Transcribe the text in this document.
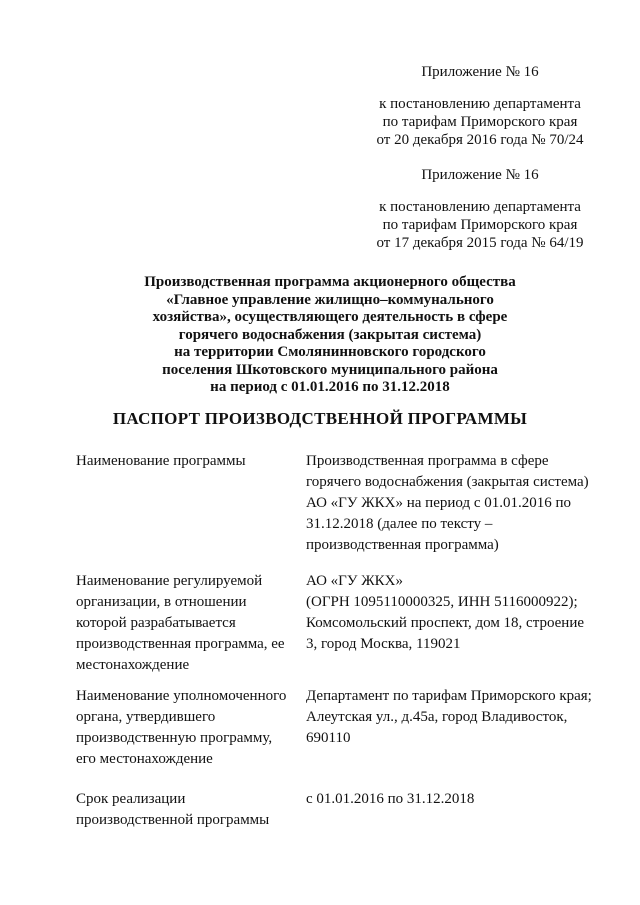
Приложение № 16
к постановлению департамента
по тарифам Приморского края
от 20 декабря 2016 года № 70/24
Приложение № 16
к постановлению департамента
по тарифам Приморского края
от 17 декабря 2015 года № 64/19
Производственная программа акционерного общества
«Главное управление жилищно–коммунального
хозяйства», осуществляющего деятельность в сфере
горячего водоснабжения (закрытая система)
на территории Смолянинновского городского
поселения Шкотовского муниципального района
на период с 01.01.2016 по 31.12.2018
ПАСПОРТ ПРОИЗВОДСТВЕННОЙ ПРОГРАММЫ
Наименование программы	Производственная программа в сфере
горячего водоснабжения (закрытая система)
АО «ГУ ЖКХ» на период с 01.01.2016 по
31.12.2018 (далее по тексту –
производственная программа)
Наименование регулируемой
организации, в отношении
которой разрабатывается
производственная программа, ее
местонахождение
АО «ГУ ЖКХ»
(ОГРН 1095110000325, ИНН 5116000922);
Комсомольский проспект, дом 18, строение
3, город Москва, 119021
Наименование уполномоченного
органа, утвердившего
производственную программу,
его местонахождение
Департамент по тарифам Приморского края;
Алеутская ул., д.45а, город Владивосток,
690110
Срок реализации
производственной программы
с 01.01.2016 по 31.12.2018
